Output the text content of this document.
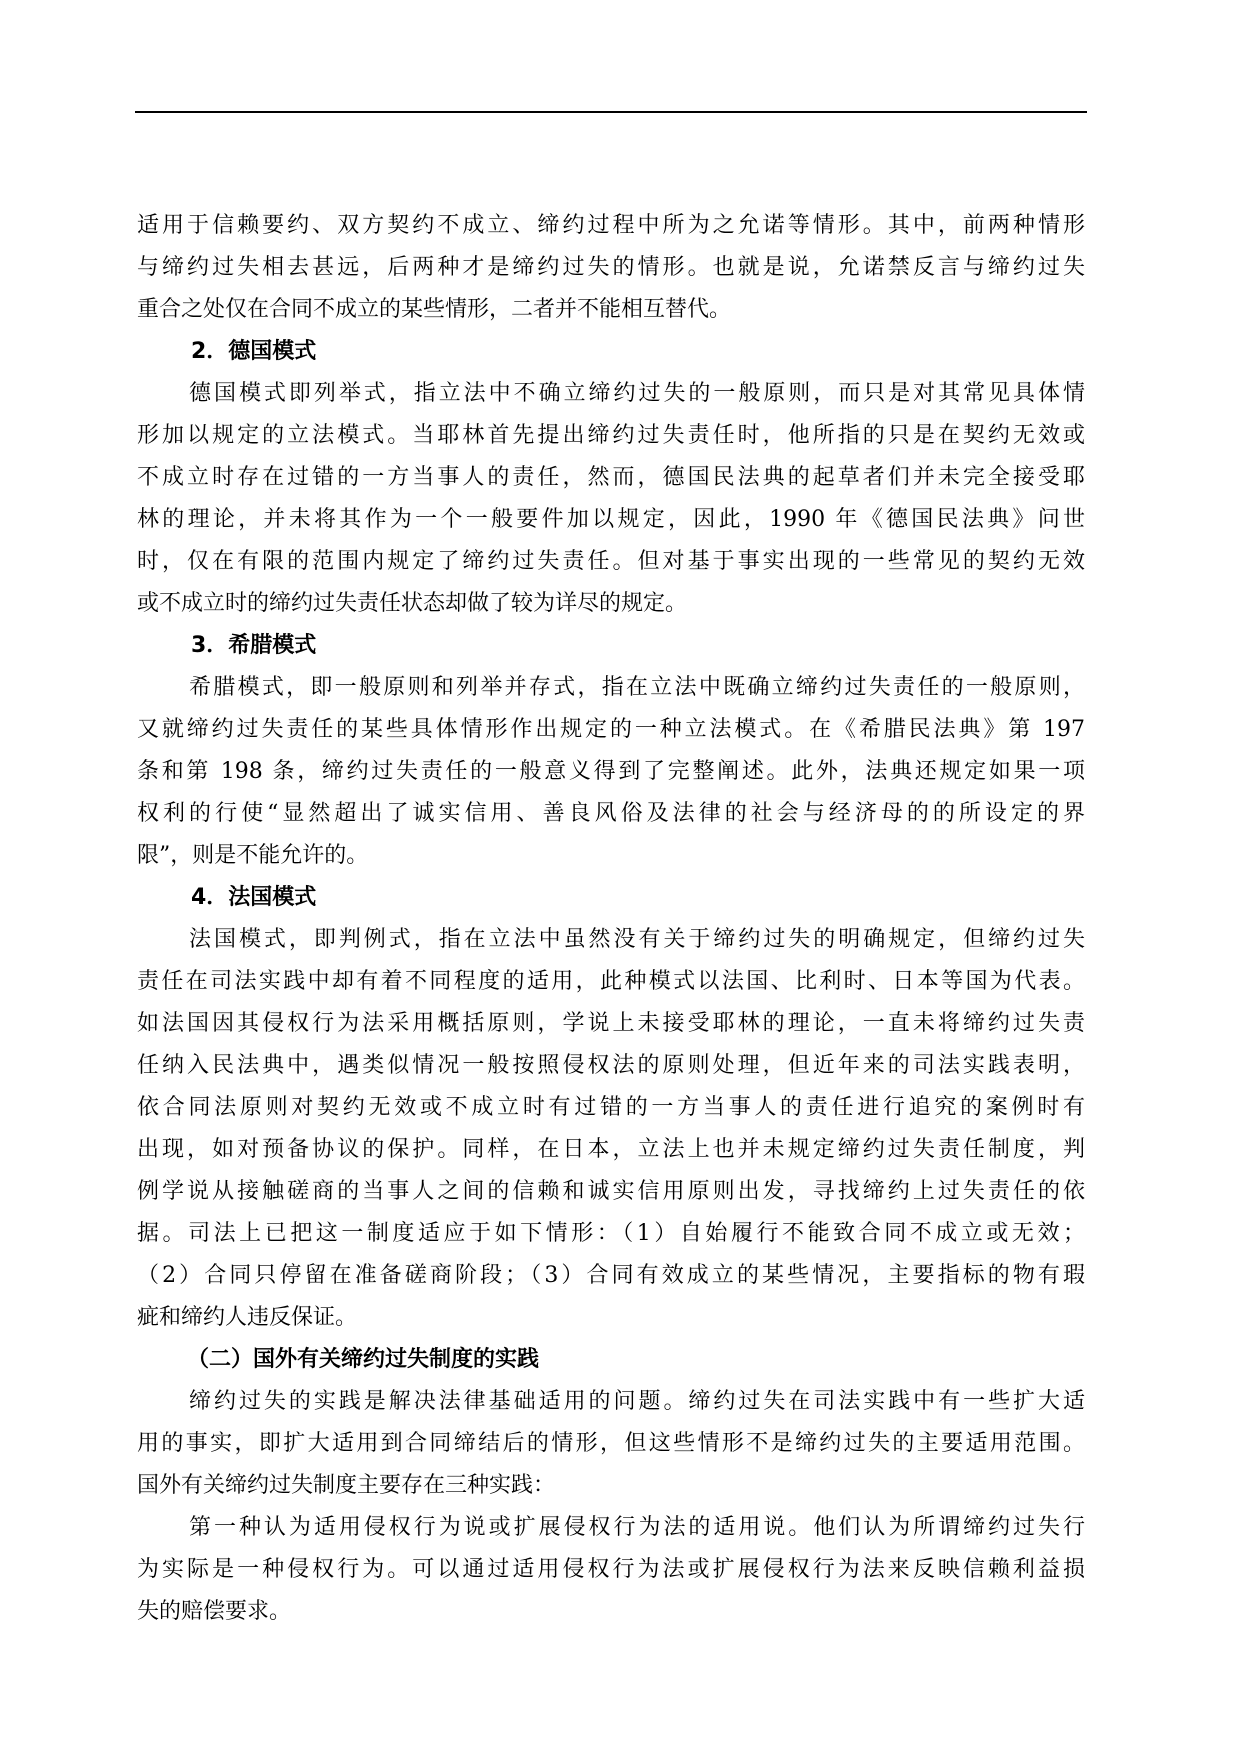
适用于信赖要约、双方契约不成立、缔约过程中所为之允诺等情形。其中，前两种情形
与缔约过失相去甚远，后两种才是缔约过失的情形。也就是说，允诺禁反言与缔约过失
重合之处仅在合同不成立的某些情形，二者并不能相互替代。
2．德国模式
德国模式即列举式，指立法中不确立缔约过失的一般原则，而只是对其常见具体情
形加以规定的立法模式。当耶林首先提出缔约过失责任时，他所指的只是在契约无效或
不成立时存在过错的一方当事人的责任，然而，德国民法典的起草者们并未完全接受耶
林的理论，并未将其作为一个一般要件加以规定，因此，1990 年《德国民法典》问世
时，仅在有限的范围内规定了缔约过失责任。但对基于事实出现的一些常见的契约无效
或不成立时的缔约过失责任状态却做了较为详尽的规定。
3．希腊模式
希腊模式，即一般原则和列举并存式，指在立法中既确立缔约过失责任的一般原则，
又就缔约过失责任的某些具体情形作出规定的一种立法模式。在《希腊民法典》第 197
条和第 198 条，缔约过失责任的一般意义得到了完整阐述。此外，法典还规定如果一项
权利的行使“显然超出了诚实信用、善良风俗及法律的社会与经济母的的所设定的界
限”，则是不能允许的。
4．法国模式
法国模式，即判例式，指在立法中虽然没有关于缔约过失的明确规定，但缔约过失
责任在司法实践中却有着不同程度的适用，此种模式以法国、比利时、日本等国为代表。
如法国因其侵权行为法采用概括原则，学说上未接受耶林的理论，一直未将缔约过失责
任纳入民法典中，遇类似情况一般按照侵权法的原则处理，但近年来的司法实践表明，
依合同法原则对契约无效或不成立时有过错的一方当事人的责任进行追究的案例时有
出现，如对预备协议的保护。同样，在日本，立法上也并未规定缔约过失责任制度，判
例学说从接触磋商的当事人之间的信赖和诚实信用原则出发，寻找缔约上过失责任的依
据。司法上已把这一制度适应于如下情形：（1）自始履行不能致合同不成立或无效；
（2）合同只停留在准备磋商阶段；（3）合同有效成立的某些情况，主要指标的物有瑕
疵和缔约人违反保证。
（二）国外有关缔约过失制度的实践
缔约过失的实践是解决法律基础适用的问题。缔约过失在司法实践中有一些扩大适
用的事实，即扩大适用到合同缔结后的情形，但这些情形不是缔约过失的主要适用范围。
国外有关缔约过失制度主要存在三种实践：
第一种认为适用侵权行为说或扩展侵权行为法的适用说。他们认为所谓缔约过失行
为实际是一种侵权行为。可以通过适用侵权行为法或扩展侵权行为法来反映信赖利益损
失的赔偿要求。
